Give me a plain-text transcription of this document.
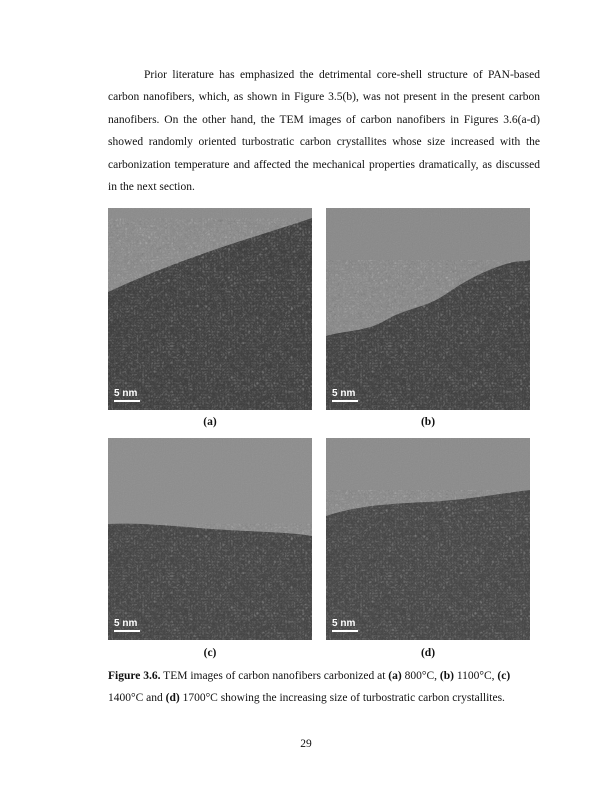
Prior literature has emphasized the detrimental core-shell structure of PAN-based carbon nanofibers, which, as shown in Figure 3.5(b), was not present in the present carbon nanofibers. On the other hand, the TEM images of carbon nanofibers in Figures 3.6(a-d) showed randomly oriented turbostratic carbon crystallites whose size increased with the carbonization temperature and affected the mechanical properties dramatically, as discussed in the next section.

5 nm
(a)
5 nm
(b)
5 nm
(c)
5 nm
(d)

Figure 3.6. TEM images of carbon nanofibers carbonized at (a) 800°C, (b) 1100°C, (c) 1400°C and (d) 1700°C showing the increasing size of turbostratic carbon crystallites.

29
